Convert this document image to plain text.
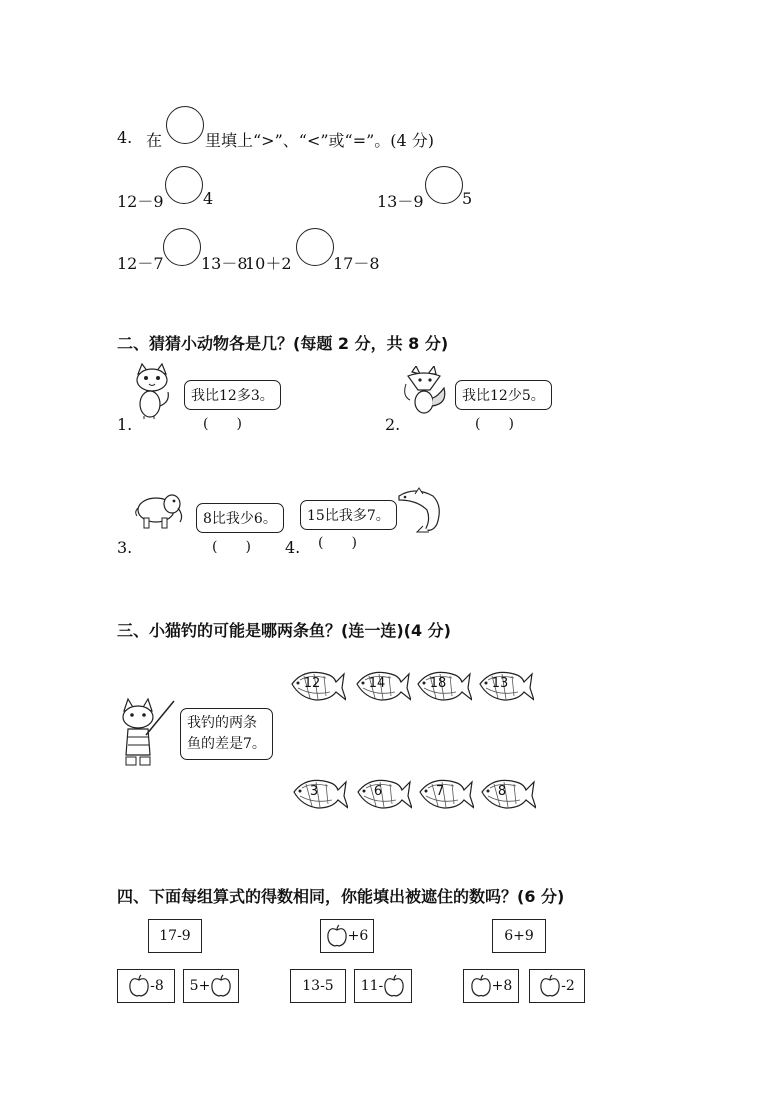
4. 在	里填上“>”、“<”或“=”。(4 分)
12－9 4	13－9 5
12－7 13－8
10＋2	17－8
二、猜猜小动物各是几？(每题 2 分，共 8 分)
我比12多3。
1.	(　　)
我比12少5。
2.	(　　)
8比我少6。
3.	(　　)
15比我多7。
4. (　　)
三、小猫钓的可能是哪两条鱼？(连一连)(4 分)
我钓的两条
鱼的差是7。
12	14	18	13
3	6	7	8
四、下面每组算式的得数相同，你能填出被遮住的数吗？(6 分)
17-9
-8 5+
+6
13-5 11-
6+9
+8	-2
